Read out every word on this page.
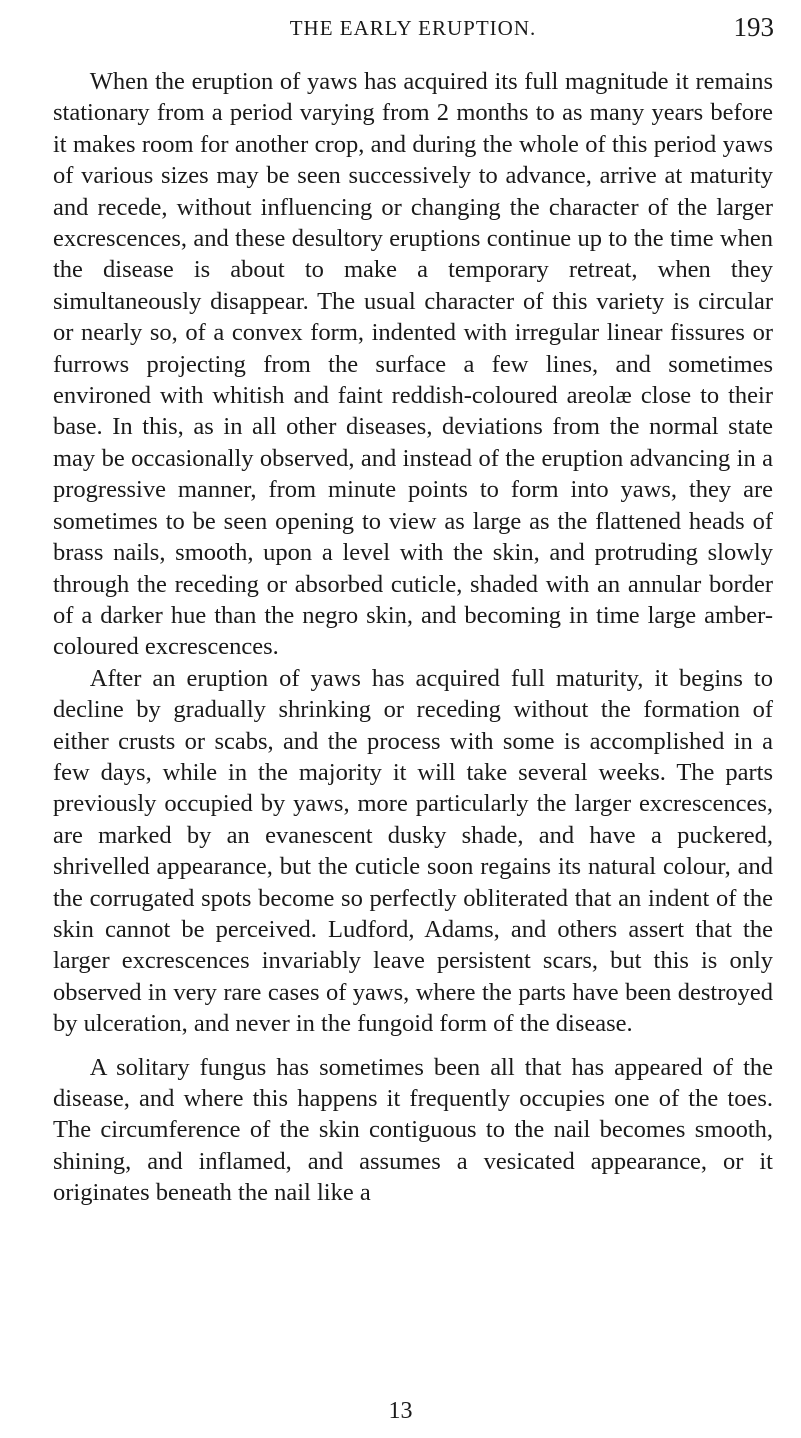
THE EARLY ERUPTION.	193

When the eruption of yaws has acquired its full magnitude it remains stationary from a period varying from 2 months to as many years before it makes room for another crop, and during the whole of this period yaws of various sizes may be seen successively to advance, arrive at maturity and recede, without influencing or changing the character of the larger excrescences, and these desultory eruptions continue up to the time when the disease is about to make a temporary retreat, when they simultaneously disappear. The usual character of this variety is circular or nearly so, of a convex form, indented with irregular linear fissures or furrows projecting from the surface a few lines, and sometimes environed with whitish and faint reddish-coloured areolæ close to their base. In this, as in all other diseases, deviations from the normal state may be occasionally observed, and instead of the eruption advancing in a progressive manner, from minute points to form into yaws, they are sometimes to be seen opening to view as large as the flattened heads of brass nails, smooth, upon a level with the skin, and protruding slowly through the receding or absorbed cuticle, shaded with an annular border of a darker hue than the negro skin, and becoming in time large amber-coloured excrescences.

After an eruption of yaws has acquired full maturity, it begins to decline by gradually shrinking or receding without the formation of either crusts or scabs, and the process with some is accomplished in a few days, while in the majority it will take several weeks. The parts previously occupied by yaws, more particularly the larger excrescences, are marked by an evanescent dusky shade, and have a puckered, shrivelled appearance, but the cuticle soon regains its natural colour, and the corrugated spots become so perfectly obliterated that an indent of the skin cannot be perceived. Ludford, Adams, and others assert that the larger excrescences invariably leave persistent scars, but this is only observed in very rare cases of yaws, where the parts have been destroyed by ulceration, and never in the fungoid form of the disease.

A solitary fungus has sometimes been all that has appeared of the disease, and where this happens it frequently occupies one of the toes. The circumference of the skin contiguous to the nail becomes smooth, shining, and inflamed, and assumes a vesicated appearance, or it originates beneath the nail like a

13
